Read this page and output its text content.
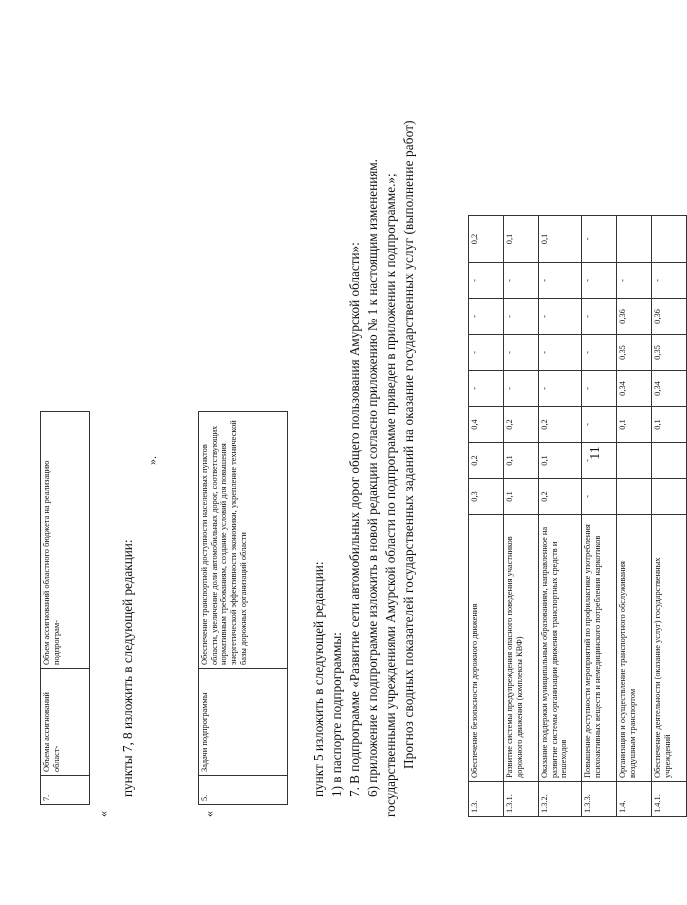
11
1.3.	Обеспечение безопасности дорожного движения	0,3	0,2	0,4	-	-	-	-	0,2
1.3.1.	Развитие системы предупреждения опасного поведения участников дорожного движения (комплексы КВФ)	0,1	0,1	0,2	-	-	-	-	0,1
1.3.2.	Оказание поддержки муниципальным образованиям, направленное на развитие системы организации движения транспортных средств и пешеходов	0,2	0,1	0,2	-	-	-	-	0,1
1.3.3.	Повышение доступности мероприятий по профилактике употребления психоактивных веществ и немедицинского потребления наркотиков	-	-	-	-	-	-	-	-
1.4.	Организация и осуществление транспортного обслуживания воздушным транспортом			0,1	0,34	0,35	0,36	-	
1.4.1.	Обеспечение деятельности (оказание услуг) государственных учреждений			0,1	0,34	0,35	0,36	-	
Прогноз сводных показателей государственных заданий на оказание государственных услуг (выполнение работ)
государственными учреждениями Амурской области по подпрограмме приведен в приложении к подпрограмме.»;
6) приложение к подпрограмме изложить в новой редакции согласно приложению № 1 к настоящим изменениям.
7. В подпрограмме «Развитие сети автомобильных дорог общего пользования Амурской области»:
1) в паспорте подпрограммы:
пункт 5 изложить в следующей редакции:
«
5.	Задачи подпрограммы	Обеспечение транспортной доступности населенных пунктов области, увеличение доли автомобильных дорог, соответствующих нормативным требованиям, создание условий для повышения энергетической эффективности экономики, укрепление технической базы дорожных организаций области
».
пункты 7, 8 изложить в следующей редакции:
«
7.	Объемы ассигнований област-	Объем ассигнований областного бюджета на реализацию подпрограм-
